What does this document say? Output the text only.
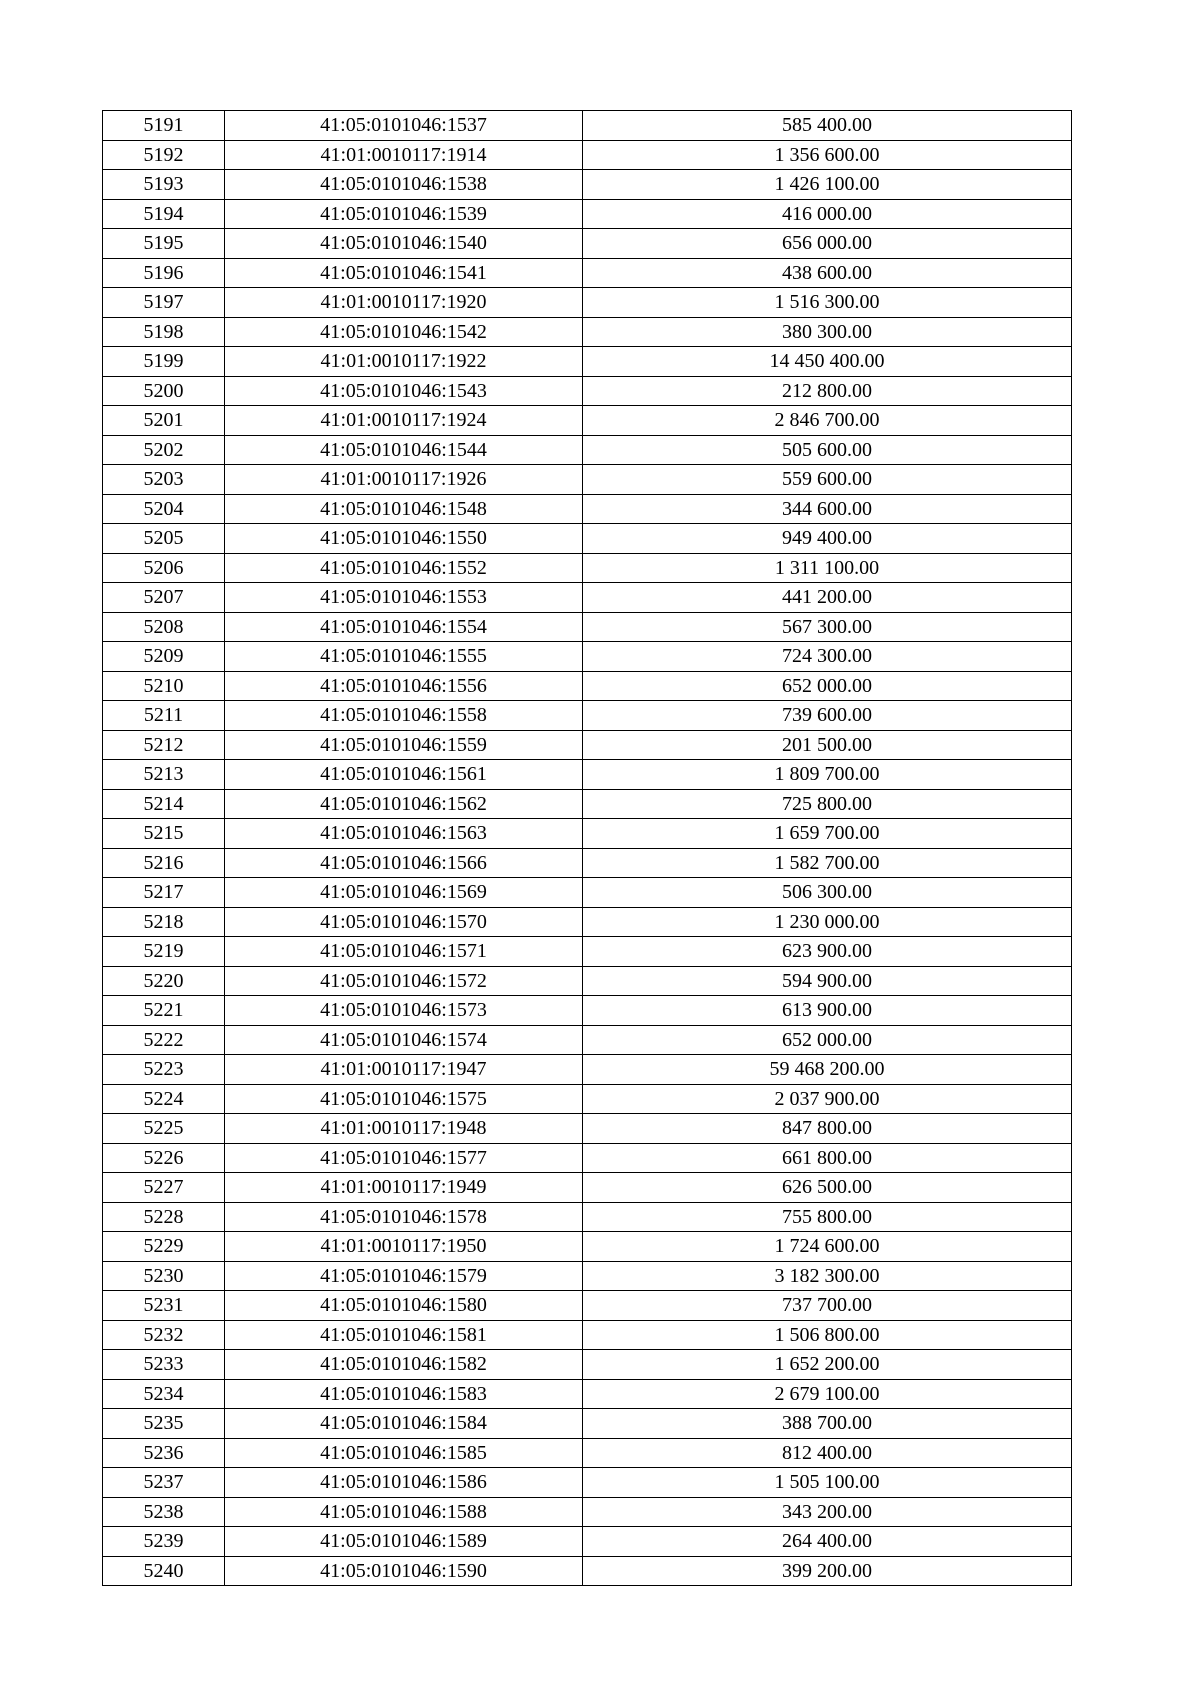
5191	41:05:0101046:1537	585 400.00
5192	41:01:0010117:1914	1 356 600.00
5193	41:05:0101046:1538	1 426 100.00
5194	41:05:0101046:1539	416 000.00
5195	41:05:0101046:1540	656 000.00
5196	41:05:0101046:1541	438 600.00
5197	41:01:0010117:1920	1 516 300.00
5198	41:05:0101046:1542	380 300.00
5199	41:01:0010117:1922	14 450 400.00
5200	41:05:0101046:1543	212 800.00
5201	41:01:0010117:1924	2 846 700.00
5202	41:05:0101046:1544	505 600.00
5203	41:01:0010117:1926	559 600.00
5204	41:05:0101046:1548	344 600.00
5205	41:05:0101046:1550	949 400.00
5206	41:05:0101046:1552	1 311 100.00
5207	41:05:0101046:1553	441 200.00
5208	41:05:0101046:1554	567 300.00
5209	41:05:0101046:1555	724 300.00
5210	41:05:0101046:1556	652 000.00
5211	41:05:0101046:1558	739 600.00
5212	41:05:0101046:1559	201 500.00
5213	41:05:0101046:1561	1 809 700.00
5214	41:05:0101046:1562	725 800.00
5215	41:05:0101046:1563	1 659 700.00
5216	41:05:0101046:1566	1 582 700.00
5217	41:05:0101046:1569	506 300.00
5218	41:05:0101046:1570	1 230 000.00
5219	41:05:0101046:1571	623 900.00
5220	41:05:0101046:1572	594 900.00
5221	41:05:0101046:1573	613 900.00
5222	41:05:0101046:1574	652 000.00
5223	41:01:0010117:1947	59 468 200.00
5224	41:05:0101046:1575	2 037 900.00
5225	41:01:0010117:1948	847 800.00
5226	41:05:0101046:1577	661 800.00
5227	41:01:0010117:1949	626 500.00
5228	41:05:0101046:1578	755 800.00
5229	41:01:0010117:1950	1 724 600.00
5230	41:05:0101046:1579	3 182 300.00
5231	41:05:0101046:1580	737 700.00
5232	41:05:0101046:1581	1 506 800.00
5233	41:05:0101046:1582	1 652 200.00
5234	41:05:0101046:1583	2 679 100.00
5235	41:05:0101046:1584	388 700.00
5236	41:05:0101046:1585	812 400.00
5237	41:05:0101046:1586	1 505 100.00
5238	41:05:0101046:1588	343 200.00
5239	41:05:0101046:1589	264 400.00
5240	41:05:0101046:1590	399 200.00
